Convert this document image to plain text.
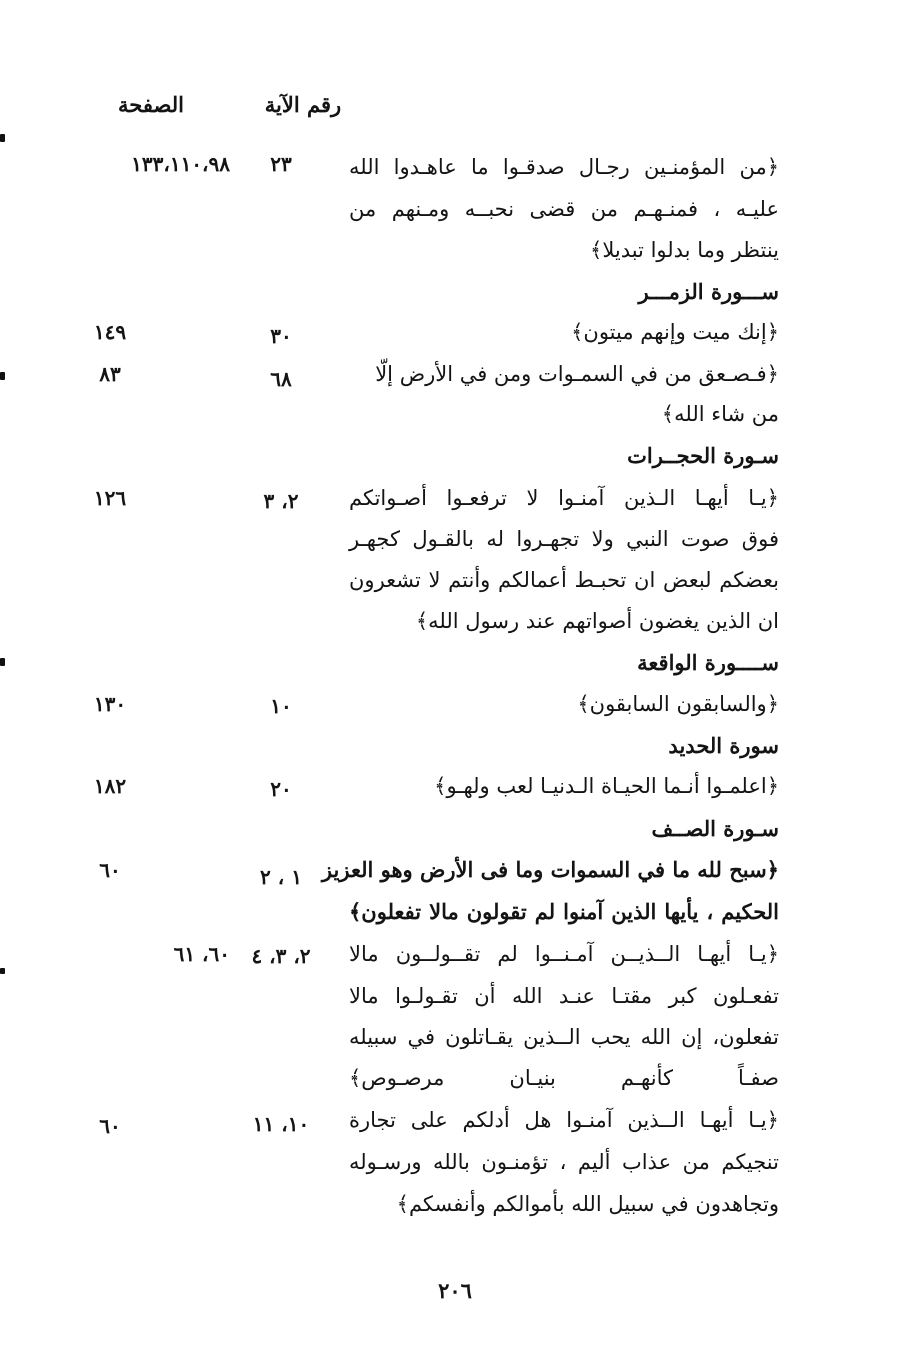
رقم الآية
الصفحة
﴿من المؤمنـين رجـال صدقـوا ما عاهـدوا الله
عليـه ، فمنـهـم من قضى نحبــه ومـنهم من
ينتظر وما بدلوا تبديلا﴾
٢٣
١٣٣،١١٠،٩٨
ســـورة الزمـــر
﴿إنك ميت وإنهم ميتون﴾
٣٠
١٤٩
﴿فـصـعق من في السمـوات ومن في الأرض إلّا
من شاء الله﴾
٦٨
٨٣
سـورة الحجــرات
﴿يـا أيهـا الـذين آمنـوا لا ترفعـوا أصـواتكم
فوق صوت النبي ولا تجهـروا له بالقـول كجهـر
بعضكم لبعض ان تحبـط أعمالكم وأنتم لا تشعرون
ان الذين يغضون أصواتهم عند رسول الله﴾
٢، ٣
١٢٦
ســــورة الواقعة
﴿والسابقون السابقون﴾
١٠
١٣٠
سورة الحديد
﴿اعلمـوا أنـما الحيـاة الـدنيـا لعب ولهـو﴾
٢٠
١٨٢
سـورة الصــف
﴿سبح لله ما في السموات وما فى الأرض وهو العزيز
الحكيم ، يأيها الذين آمنوا لم تقولون مالا تفعلون﴾
١ ، ٢
٦٠
﴿يـا أيهـا الــذيــن آمـنــوا لم تقــولــون مالا
تفعـلون كبر مقتـا عنـد الله أن تقـولـوا مالا
تفعلون، إن الله يحب الــذين يقـاتلون في سبيله
صفـاً كأنهـم بنيـان مرصـوص﴾
٢، ٣، ٤
٦٠، ٦١
﴿يـا أيهـا الــذين آمنـوا هل أدلكم على تجارة
تنجيكم من عذاب أليم ، تؤمنـون بالله ورسـوله
وتجاهدون في سبيل الله بأموالكم وأنفسكم﴾
١٠، ١١
٦٠
٢٠٦
